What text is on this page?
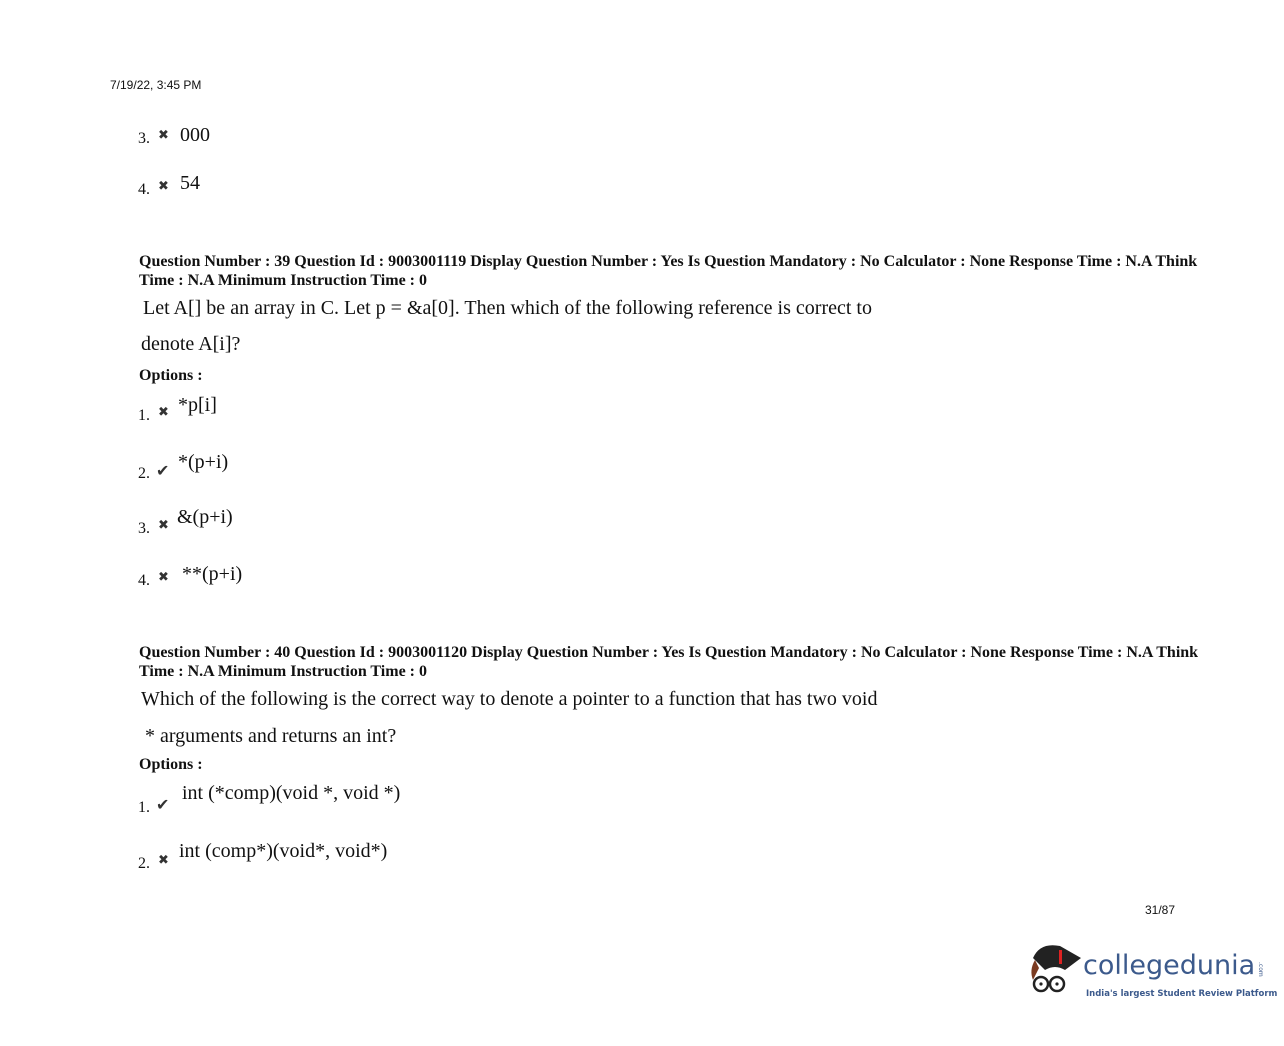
7/19/22, 3:45 PM
3. ✖ 000
4. ✖ 54
Question Number : 39 Question Id : 9003001119 Display Question Number : Yes Is Question Mandatory : No Calculator : None Response Time : N.A Think Time : N.A Minimum Instruction Time : 0
Let A[] be an array in C. Let p = &a[0]. Then which of the following reference is correct to
denote A[i]?
Options :
1. ✖ *p[i]
2. ✔ *(p+i)
3. ✖ &(p+i)
4. ✖ **(p+i)
Question Number : 40 Question Id : 9003001120 Display Question Number : Yes Is Question Mandatory : No Calculator : None Response Time : N.A Think Time : N.A Minimum Instruction Time : 0
Which of the following is the correct way to denote a pointer to a function that has two void
* arguments and returns an int?
Options :
1. ✔
int (*comp)(void *, void *)
2. ✖ int (comp*)(void*, void*)
31/87
collegedunia .com
India's largest Student Review Platform
